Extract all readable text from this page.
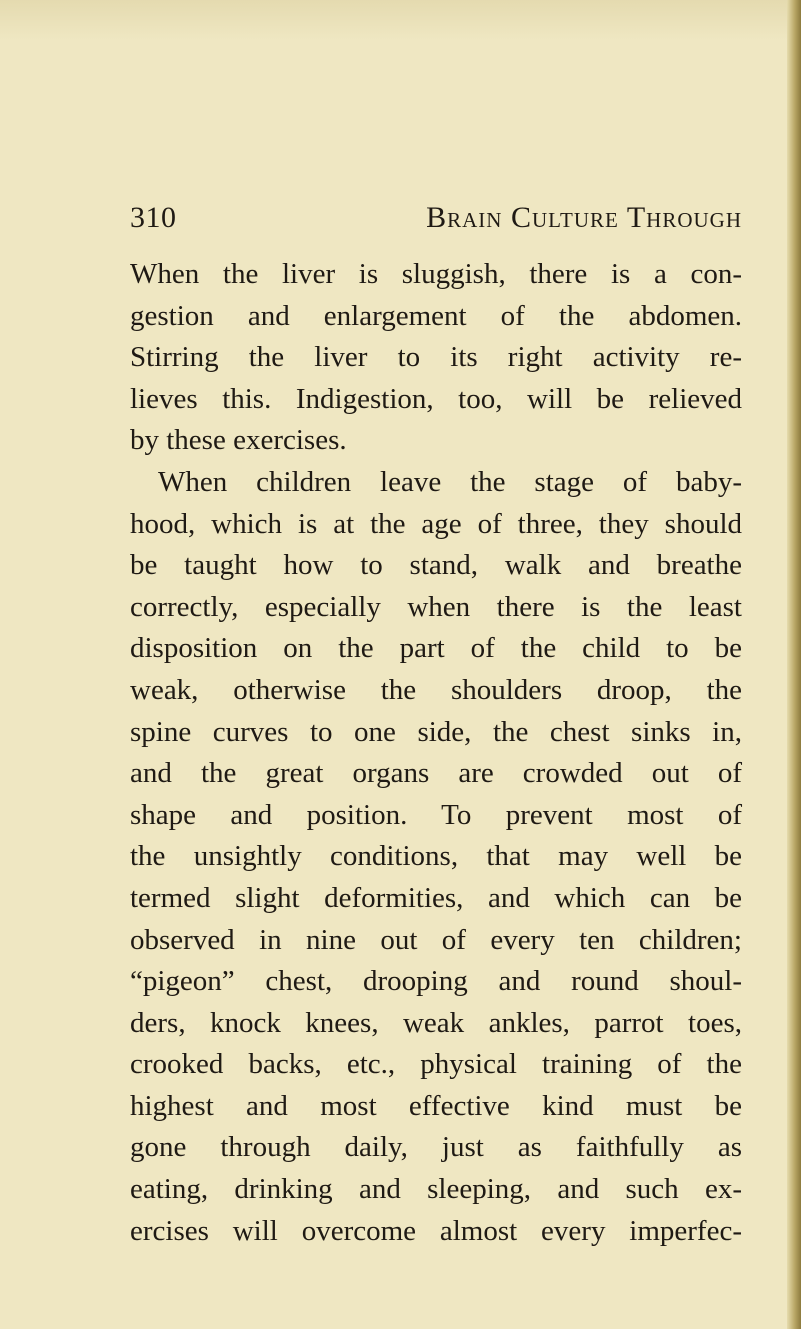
310	Brain Culture Through
When the liver is sluggish, there is a con-
gestion and enlargement of the abdomen.
Stirring the liver to its right activity re-
lieves this. Indigestion, too, will be relieved
by these exercises.
When children leave the stage of baby-
hood, which is at the age of three, they should
be taught how to stand, walk and breathe
correctly, especially when there is the least
disposition on the part of the child to be
weak, otherwise the shoulders droop, the
spine curves to one side, the chest sinks in,
and the great organs are crowded out of
shape and position. To prevent most of
the unsightly conditions, that may well be
termed slight deformities, and which can be
observed in nine out of every ten children;
“pigeon” chest, drooping and round shoul-
ders, knock knees, weak ankles, parrot toes,
crooked backs, etc., physical training of the
highest and most effective kind must be
gone through daily, just as faithfully as
eating, drinking and sleeping, and such ex-
ercises will overcome almost every imperfec-
